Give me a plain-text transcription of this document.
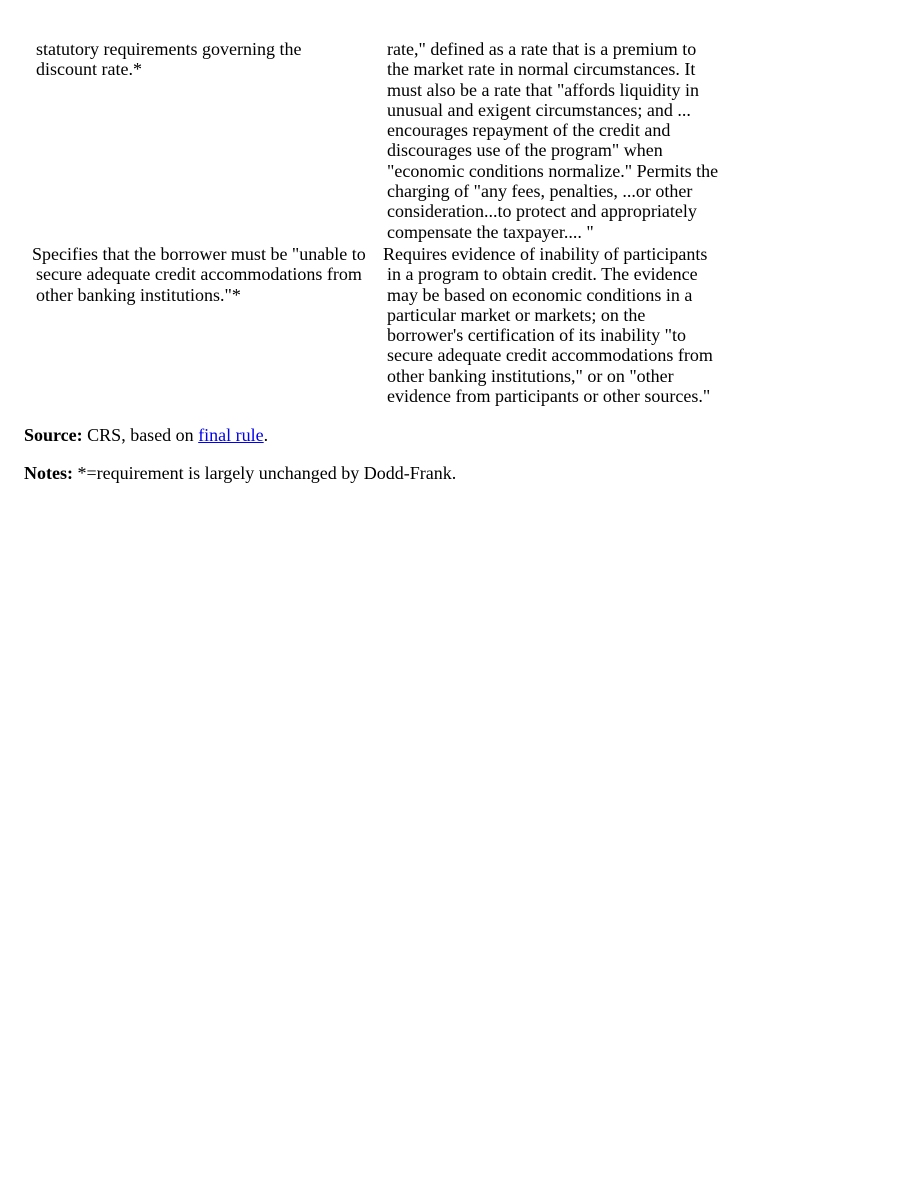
statutory requirements governing the
discount rate.*
rate," defined as a rate that is a premium to
the market rate in normal circumstances. It
must also be a rate that "affords liquidity in
unusual and exigent circumstances; and ...
encourages repayment of the credit and
discourages use of the program" when
"economic conditions normalize." Permits the
charging of "any fees, penalties, ...or other
consideration...to protect and appropriately
compensate the taxpayer.... "
Specifies that the borrower must be "unable to
secure adequate credit accommodations from
other banking institutions."*
Requires evidence of inability of participants
in a program to obtain credit. The evidence
may be based on economic conditions in a
particular market or markets; on the
borrower's certification of its inability "to
secure adequate credit accommodations from
other banking institutions," or on "other
evidence from participants or other sources."

Source: CRS, based on final rule.

Notes: *=requirement is largely unchanged by Dodd-Frank.
